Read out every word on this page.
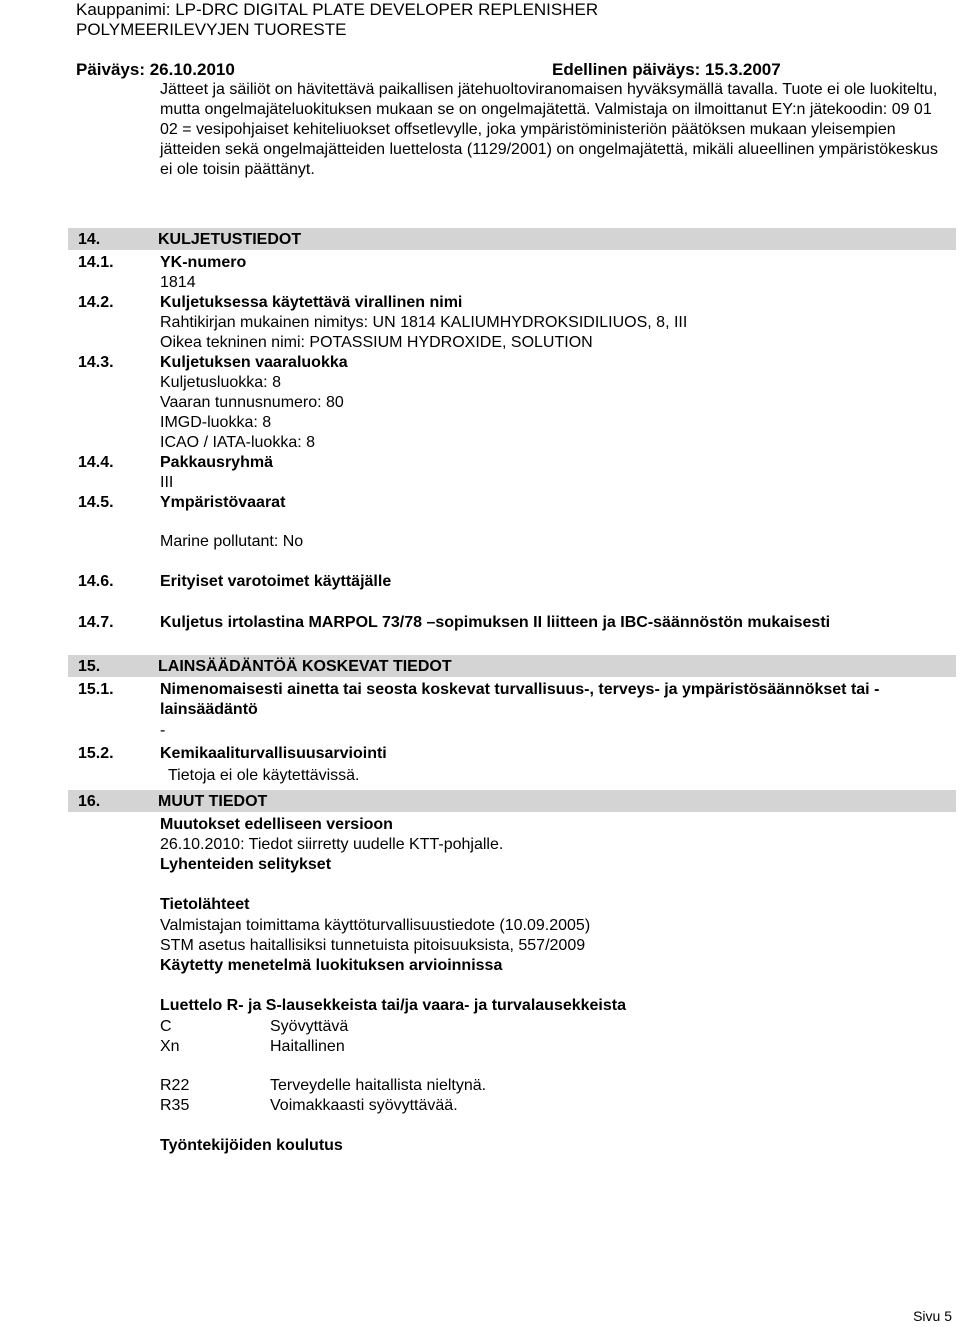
Kauppanimi: LP-DRC DIGITAL PLATE DEVELOPER REPLENISHER
POLYMEERILEVYJEN TUORESTE
Päiväys: 26.10.2010	Edellinen päiväys: 15.3.2007
Jätteet ja säiliöt on hävitettävä paikallisen jätehuoltoviranomaisen hyväksymällä tavalla. Tuote ei ole luokiteltu, mutta ongelmajäteluokituksen mukaan se on ongelmajätettä. Valmistaja on ilmoittanut EY:n jätekoodin: 09 01 02 = vesipohjaiset kehiteliuokset offsetlevylle, joka ympäristöministeriön päätöksen mukaan yleisempien jätteiden sekä ongelmajätteiden luettelosta (1129/2001) on ongelmajätettä, mikäli alueellinen ympäristökeskus ei ole toisin päättänyt.
14.	KULJETUSTIEDOT
14.1.	YK-numero
1814
14.2.	Kuljetuksessa käytettävä virallinen nimi
Rahtikirjan mukainen nimitys: UN 1814 KALIUMHYDROKSIDILIUOS, 8, III
Oikea tekninen nimi: POTASSIUM HYDROXIDE, SOLUTION
14.3.	Kuljetuksen vaaraluokka
Kuljetusluokka: 8
Vaaran tunnusnumero: 80
IMGD-luokka: 8
ICAO / IATA-luokka: 8
14.4.	Pakkausryhmä
III
14.5.	Ympäristövaarat
Marine pollutant: No
14.6.	Erityiset varotoimet käyttäjälle
14.7.	Kuljetus irtolastina MARPOL 73/78 –sopimuksen II liitteen ja IBC-säännöstön mukaisesti
15.	LAINSÄÄDÄNTÖÄ KOSKEVAT TIEDOT
15.1.	Nimenomaisesti ainetta tai seosta koskevat turvallisuus-, terveys- ja ympäristösäännökset tai -
lainsäädäntö
-
15.2.	Kemikaaliturvallisuusarviointi
Tietoja ei ole käytettävissä.
16.	MUUT TIEDOT
Muutokset edelliseen versioon
26.10.2010: Tiedot siirretty uudelle KTT-pohjalle.
Lyhenteiden selitykset
Tietolähteet
Valmistajan toimittama käyttöturvallisuustiedote (10.09.2005)
STM asetus haitallisiksi tunnetuista pitoisuuksista, 557/2009
Käytetty menetelmä luokituksen arvioinnissa
Luettelo R- ja S-lausekkeista tai/ja vaara- ja turvalausekkeista
C	Syövyttävä
Xn	Haitallinen
R22	Terveydelle haitallista nieltynä.
R35	Voimakkaasti syövyttävää.
Työntekijöiden koulutus
Sivu 5
